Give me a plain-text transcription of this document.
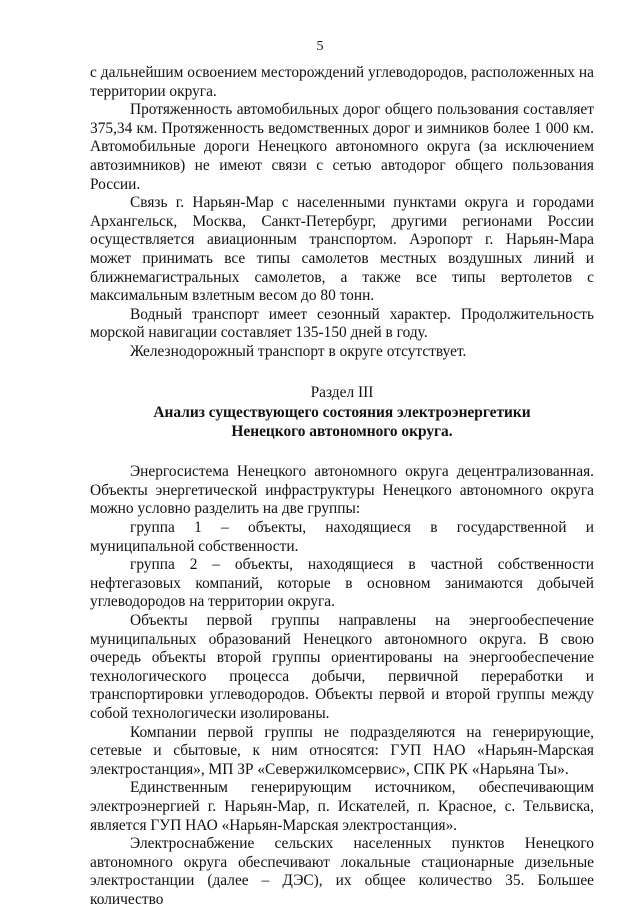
5

с дальнейшим освоением месторождений углеводородов, расположенных на территории округа.

Протяженность автомобильных дорог общего пользования составляет 375,34 км. Протяженность ведомственных дорог и зимников более 1 000 км. Автомобильные дороги Ненецкого автономного округа (за исключением автозимников) не имеют связи с сетью автодорог общего пользования России.

Связь г. Нарьян-Мар с населенными пунктами округа и городами Архангельск, Москва, Санкт-Петербург, другими регионами России осуществляется авиационным транспортом. Аэропорт г. Нарьян-Мара может принимать все типы самолетов местных воздушных линий и ближнемагистральных самолетов, а также все типы вертолетов с максимальным взлетным весом до 80 тонн.

Водный транспорт имеет сезонный характер. Продолжительность морской навигации составляет 135-150 дней в году.

Железнодорожный транспорт в округе отсутствует.

Раздел III
Анализ существующего состояния электроэнергетики
Ненецкого автономного округа.

Энергосистема Ненецкого автономного округа децентрализованная. Объекты энергетической инфраструктуры Ненецкого автономного округа можно условно разделить на две группы:

группа 1 – объекты, находящиеся в государственной и муниципальной собственности.

группа 2 – объекты, находящиеся в частной собственности нефтегазовых компаний, которые в основном занимаются добычей углеводородов на территории округа.

Объекты первой группы направлены на энергообеспечение муниципальных образований Ненецкого автономного округа. В свою очередь объекты второй группы ориентированы на энергообеспечение технологического процесса добычи, первичной переработки и транспортировки углеводородов. Объекты первой и второй группы между собой технологически изолированы.

Компании первой группы не подразделяются на генерирующие, сетевые и сбытовые, к ним относятся: ГУП НАО «Нарьян-Марская электростанция», МП ЗР «Севержилкомсервис», СПК РК «Нарьяна Ты».

Единственным генерирующим источником, обеспечивающим электроэнергией г. Нарьян-Мар, п. Искателей, п. Красное, с. Тельвиска, является ГУП НАО «Нарьян-Марская электростанция».

Электроснабжение сельских населенных пунктов Ненецкого автономного округа обеспечивают локальные стационарные дизельные электростанции (далее – ДЭС), их общее количество 35. Большее количество
